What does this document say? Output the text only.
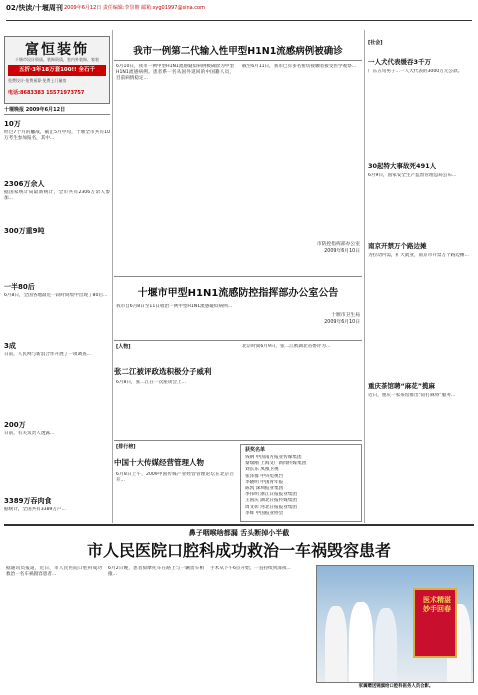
02/快读/十堰周刊 2009年6月12日 责任编辑:李崇朝 邮箱:syg01997@sina.com
富恒装饰
十堰市设计资质、装饰资质，室内外装饰、家装
五折·3年18万套100!! 全石千
免费设计·免费预算·免费上门量房
电话:8683383 15571973757
十堰晚报 2009年6月12日
10万
经过7个月的鏖战，截止5月中旬，十堰全市共有10万考生参加报名，其中...
2306万余人
据国家统计局最新统计，全市共有2306万余人参加...
300万重9吨
一半80后
6月8日，全国各地最近一段时间集中出现了80后...
3成
日前，人民网与新浪合作开展了一项调查...
200万
日前，有关负责人透露...
3389万吞肉食
据统计，全国共有3389万户...
我市一例第二代输入性甲型H1N1流感病例被确诊
6月10日，我市一例甲型H1N1流感疑似病例被确诊为甲型H1N1流感病例。患者系一名从国外返回的中国籍人员，目前病情稳定...
截至6月11日，我市已有多名密切接触者接受医学观察...
市防控指挥部办公室
2009年6月10日
十堰市甲型H1N1流感防控指挥部办公室公告
我市自6月8日至11日收治一例甲型H1N1流感疑似病例...
十堰市卫生局
2009年6月10日
[人物]
张二江被评政选积极分子威利
6月8日，张二江在一次座谈会上...
北京时间6月9日，张二江被湖北省委评为...
[排行榜]
中国十大传媒经营管理人物
6月8日上午，2009中国传媒产业经营管理论坛在北京召开...
获奖名单
钱钢 中国南方报业传媒集团
黎瑞刚 上海文广新闻传媒集团
刘长乐 凤凰卫视
张泽群 中央电视台
李晓明 中国青年报
陈凯 深圳报业集团
李伟明 浙江日报报业集团
王国庆 湖北日报传媒集团
周文彰 河北日报报业集团
李辉 中国报业协会
[社会]
一人犬代表缓吞3千万
广东五旬男子...一人犬代表的3000万元公款。
30起特大事故死491人
6月9日，国家安全生产监督管理总局公布...
南京开禁万个路边摊
为拉动内需，扩大就业，南京市开禁万个路边摊...
重庆茶馆聘“麻花”揽麻
近日，重庆一家茶馆推出“陪打麻将”服务...
鼻子咽喉啥都漏 舌头断掉小半截
市人民医院口腔科成功救治一车祸毁容患者
据通讯员报道，近日，市人民医院口腔科成功救治一名车祸毁容患者...
6月2日晚，患者骑摩托车在路上与一辆货车相撞...
手术从下午6点开始，一直持续到深夜...
医术精湛 妙手回春
家属赠送锦旗给口腔科医务人员合影。
